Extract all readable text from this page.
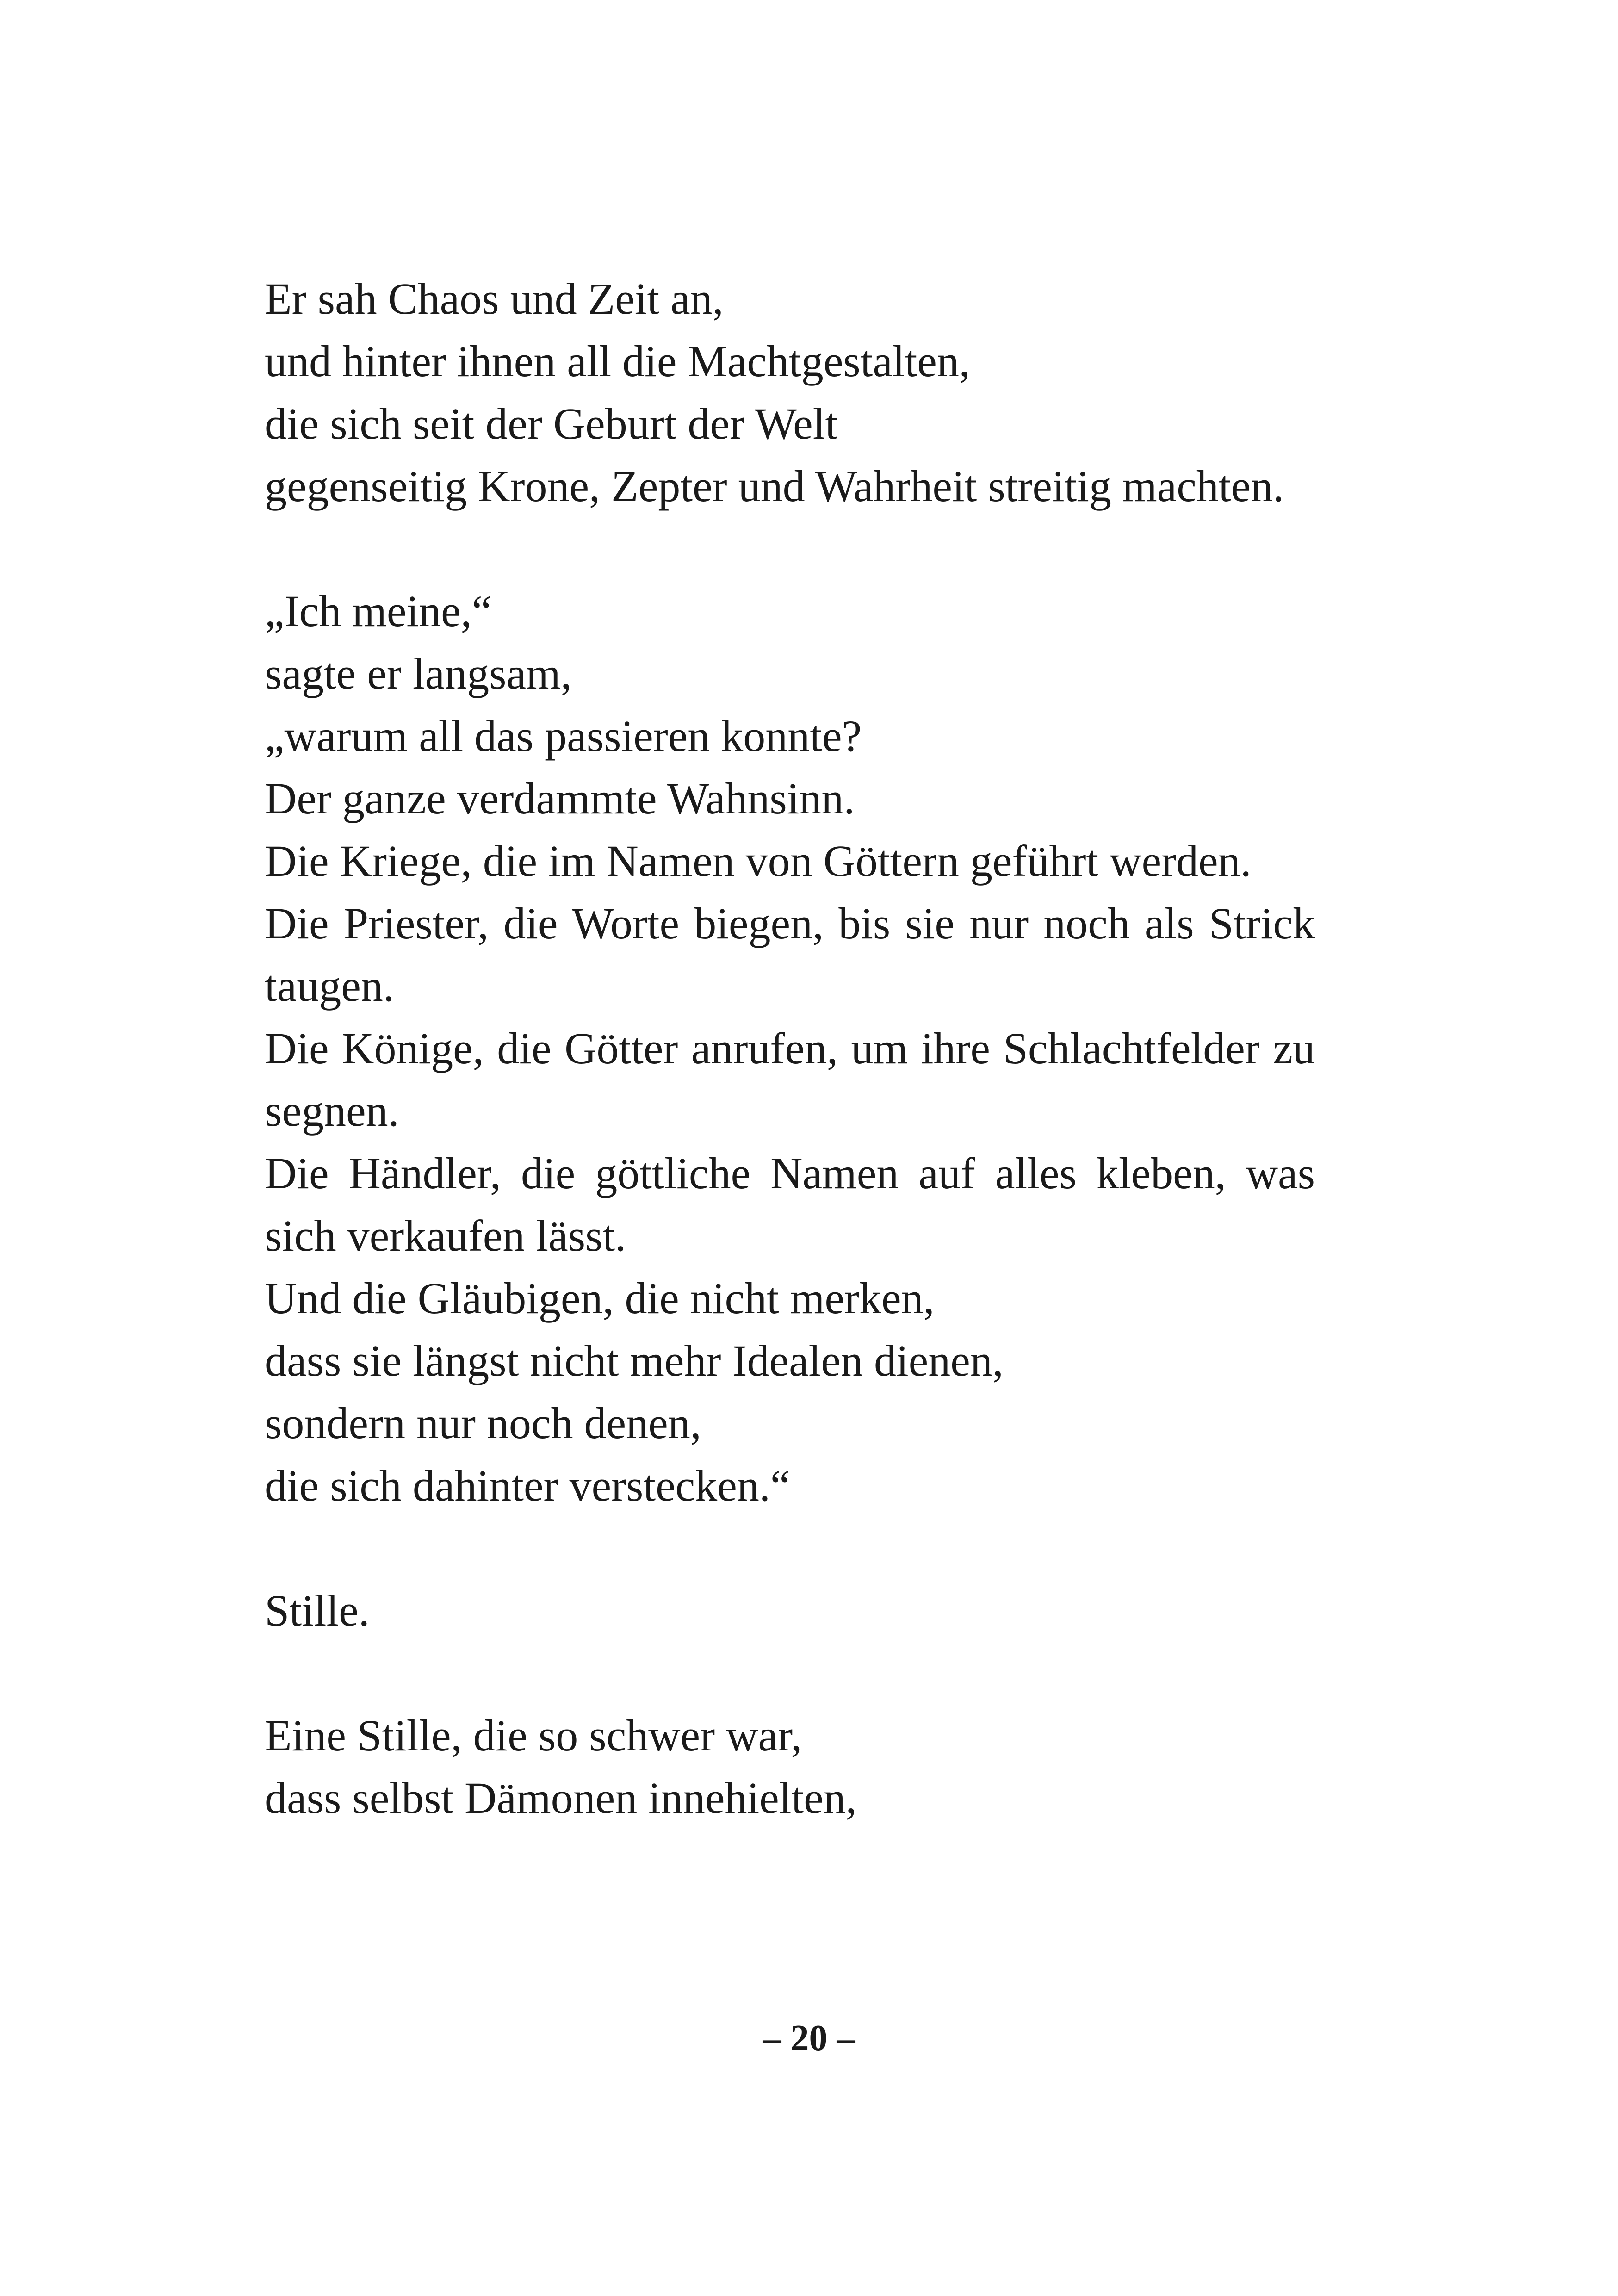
Er sah Chaos und Zeit an,
und hinter ihnen all die Machtgestalten,
die sich seit der Geburt der Welt
gegenseitig Krone, Zepter und Wahrheit streitig machten.
„Ich meine,“
sagte er langsam,
„warum all das passieren konnte?
Der ganze verdammte Wahnsinn.
Die Kriege, die im Namen von Göttern geführt werden.
Die Priester, die Worte biegen, bis sie nur noch als Strick taugen.
Die Könige, die Götter anrufen, um ihre Schlachtfelder zu segnen.
Die Händler, die göttliche Namen auf alles kleben, was sich verkaufen lässt.
Und die Gläubigen, die nicht merken,
dass sie längst nicht mehr Idealen dienen,
sondern nur noch denen,
die sich dahinter verstecken.“
Stille.
Eine Stille, die so schwer war,
dass selbst Dämonen innehielten,
– 20 –
